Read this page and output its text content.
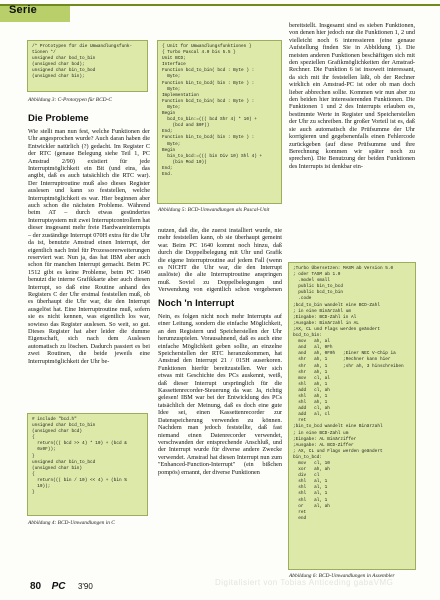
Serie
/* Prototypen für die Umwandlungsfunk-
tionen */
unsigned char bod_to_bin
(unsigned char bod);
unsigned char bin_to_bod
(unsigned char bin);
Abbildung 3: C-Prototypen für BCD-C
Die Probleme
Wie stellt man nun fest, welche Funktionen der Uhr angesprochen wurde? Auch daran haben die Entwickler natürlich (?) gedacht. Im Register C der RTC (genaue Belegung siehe Teil 1, PC Amstrad 2/90) existiert für jede Interruptmöglichkeit ein Bit (und eins, das angibt, daß es auch tatsächlich die RTC war). Der Interruptroutine muß also dieses Register auslesen und kann so feststellen, welche Interruptmöglichkeit es war. Hier beginnen aber auch schon die nächsten Probleme. Während beim AT – durch etwas gesündertes Interruptsystem mit zwei Interruptcontrollern hat dieser insgesamt mehr freie Hardwareinterrupts – der zuständige Interrupt 070H extra für die Uhr da ist, benutzte Amstrad einen Interrupt, der eigentlich nach Intel für Prozessorerweiterungen reserviert war. Nun ja, das hat IBM aber auch schon für manchen Interrupt gemacht. Beim PC 1512 gibt es keine Probleme, beim PC 1640 benutzt die interne Grafikkarte aber auch diesen Interrupt, so daß eine Routine anhand des Registers C der Uhr erstmal feststellen muß, ob es überhaupt die Uhr war, die den Interrupt ausgelöst hat. Eine Interruptroutine muß, sofern sie es nicht kennen, was eigentlich los war, sowieso das Register auslesen. So weit, so gut. Dieses Register hat aber leider die dumme Eigenschaft, sich nach dem Auslesen automatisch zu löschen. Dadurch passiert es bei zwei Routinen, die beide jeweils eine Interruptmöglichkeit der Uhr be-
# include "bcd.h"
unsigned char bcd_to_bin
(unsigned char bcd)
{
return((( bcd >> 4) * 10) + (bcd &
0x0F));
}
unsigned char bin_to_bcd
(unsigned char bin)
{
return((( bin / 10) << 4) + (bin %
10));
}
Abbildung 4: BCD-Umwandlungen in C
{ Unit für Umwandlungsfunktionen }
{ Turbo Pascal 4.0 bis 5.5 }
Unit BCD;
Interface
Function bcd_to_bin( bcd : Byte ) :
Byte;
Function bin_to_bcd( bin : Byte ) :
Byte;
Implementation
Function bcd_to_bin( bcd : Byte ) :
Byte;
Begin
bcd_to_bin:=((( bcd Shr 4) * 10) +
(bcd and $0F))
End;
Function bin_to_bcd( bin : Byte ) :
Byte;
Begin
bin_to_bcd:=((( bin Div 10) Shl 4) +
(bin Mod 10))
End;
End.
Abbildung 5: BCD-Umwandlungen als Pascal-Unit
nutzen, daß die, die zuerst installiert wurde, nie mehr feststellen kann, ob sie überhaupt gemeint war. Beim PC 1640 kommt noch hinzu, daß durch die Doppelbelegung mit Uhr und Grafik die eigene Interruptroutine auf jedem Fall (wenn es NICHT die Uhr war, die den Interrupt auslöste) die alte Interruptroutine anspringen muß. Soviel zu Doppelbelegungen und Verwendung von eigentlich schon vergebenen
Noch 'n Interrupt
Nein, es folgen nicht noch mehr Interrupts auf einer Leitung, sondern die einfache Möglichkeit, an den Registern und Speicherstellen der Uhr herumzuspielen. Vorausahnend, daß es auch eine einfache Möglichkeit geben sollte, an einzelne Speicherstellen der RTC heranzukommen, hat Amstrad den Interrupt 21 / 015H auserkoren. Funktionen hierfür bereitzustellen. Wer sich etwas mit Geschichte des PCs auskennt, weiß, daß dieser Interrupt ursprünglich für die Kassettenrecorder-Steuerung da war. Ja, richtig gelesen! IBM war bei der Entwicklung des PCs tatsächlich der Meinung, daß es doch eine gute Idee sei, einen Kassettenrecorder zur Datenspeicherung verwenden zu können. Nachdem man jedoch feststellte, daß fast niemand einen Datenrecorder verwendet, verschwanden der entsprechende Anschluß, und der Interrupt wurde für diverse andere Zwecke verwendet. Amstrad hat diesen Interrupt nun zum "Enhanced-Function-Interrupt" (ein bißchen pompös) ernannt, der diverse Funktionen
bereitstellt. Insgesamt sind es sieben Funktionen, von denen hier jedoch nur die Funktionen 1, 2 und vielleicht noch 6 interessieren (eine genaue Aufstellung finden Sie in Abbildung 1). Die meisten anderen Funktionen beschäftigen sich mit den speziellen Grafikmöglichkeiten der Amstrad-Rechner. Die Funktion 6 ist insoweit interessant, da sich mit ihr feststellen läßt, ob der Rechner wirklich ein Amstrad-PC ist oder ob man doch lieber abbrechen sollte. Kommen wir nun aber zu den beiden hier interessierenden Funktionen. Die Funktionen 1 und 2 des Interrupts erlauben es, bestimmte Werte in Register und Speicherstellen der Uhr zu schreiben. Ihr großer Vorteil ist es, daß sie auch automatisch die Prüfsumme der Uhr korrigieren und gegebenenfalls einen Fehlercode zurückgeben (auf diese Prüfsumme und ihre Berechnung kommen wir später noch zu sprechen). Die Benutzung der beiden Funktionen des Interrupts ist denkbar ein-
;Turbo Übersetzen: MASM ab Version 5.0
; oder TASM ab 1.0
.model small
public bin_to_bcd
public bcd_to_bin
.code
;bcd_to_bin wandelt eine BCD-Zahl
; in eine Binärzahl um
;Eingabe: BCD-Zahl in Al
;Ausgabe: Binärzahl in AL
;AX, CL und Flags werden geändert
bcd_to_bin:
mov   ah, al
and   al, 0Fh
and   ah, 0F0h   ;Einer NEC V-Chip ia
shr   ah, 1      ;Rechner kann hier
shr   ah, 1      ;shr ah, 3 hinschreiben
shr   ah, 1
mov   cl, al
shl   ah, 1
add   cl, ah
shl   ah, 1
shl   ah, 1
add   cl, ah
add   al, cl
ret
;bin_to_bcd wandelt eine Binärzahl
; in eine BCD-Zahl um
;Eingabe: AL Binärziffer
;Ausgabe: AL BCD-Ziffer
; AX, CL und Flags werden geändert
bin_to_bcd:
mov   cl, 10
xor   ah, ah
div   cl
shl   al, 1
shl   al, 1
shl   al, 1
shl   al, 1
or    al, ah
ret
end
Abbildung 6: BCD-Umwandlungen in Assembler
80 PC 3'90	Digitalisiert von Tobias Anticeding gabaVMG
